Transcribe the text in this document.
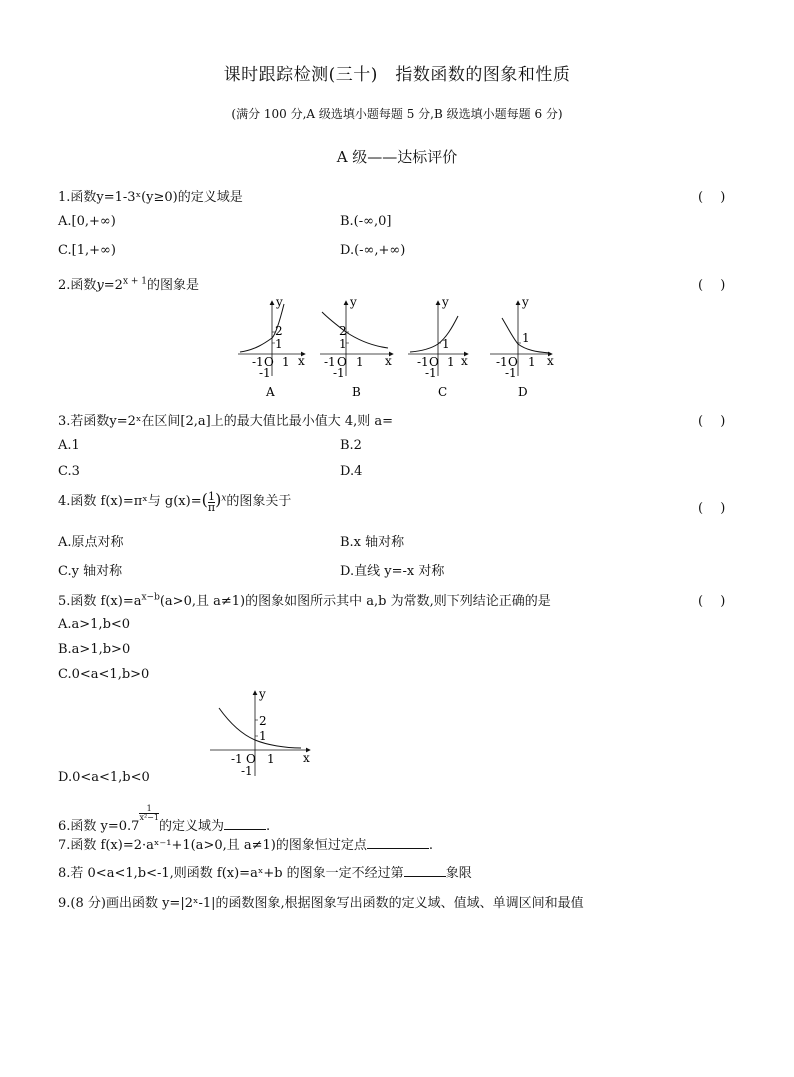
课时跟踪检测(三十)　指数函数的图象和性质
(满分 100 分,A 级选填小题每题 5 分,B 级选填小题每题 6 分)
A 级——达标评价
1.函数y=1-3ˣ(y≥0)的定义域是	(　 )
A.[0,+∞)	B.(-∞,0]
C.[1,+∞)	D.(-∞,+∞)
2.函数$y=2^{x + 1}$的图象是	(　 )
y
x
2
1
-1 O 1
-1
A
y
x
2
1
-1 O 1
-1
B
y
x
1
-1 O 1
-1
C
y
x
1
-1 O 1
-1
D
3.若函数y=2ˣ在区间[2,a]上的最大值比最小值大 4,则 a=	(　 )
A.1	B.2
C.3	D.4
4.函数 f(x)=πˣ与 $g(x)=( \frac{1}{\pi} )^x$的图象关于	(　 )
A.原点对称	B.x 轴对称
C.y 轴对称	D.直线 y=-x 对称
5.函数 $f(x)=a^{x-b}(a>0$,且 a≠1)的图象如图所示其中 a,b 为常数,则下列结论正确的是	(　 )
A.a>1,b<0
B.a>1,b>0
C.0<a<1,b>0
y
x
2
1
-1 O 1
-1
D.0<a<1,b<0
6.函数 y=0.7
$^{\frac{1}{\text{x²−1}}}$
的定义域为	.
7.函数 f(x)=2·aˣ⁻¹+1(a>0,且 a≠1)的图象恒过定点	.
8.若 0<a<1,b<-1,则函数 f(x)=aˣ+b 的图象一定不经过第	象限
9.(8 分)画出函数 y=|2ˣ-1|的函数图象,根据图象写出函数的定义域、值域、单调区间和最值
